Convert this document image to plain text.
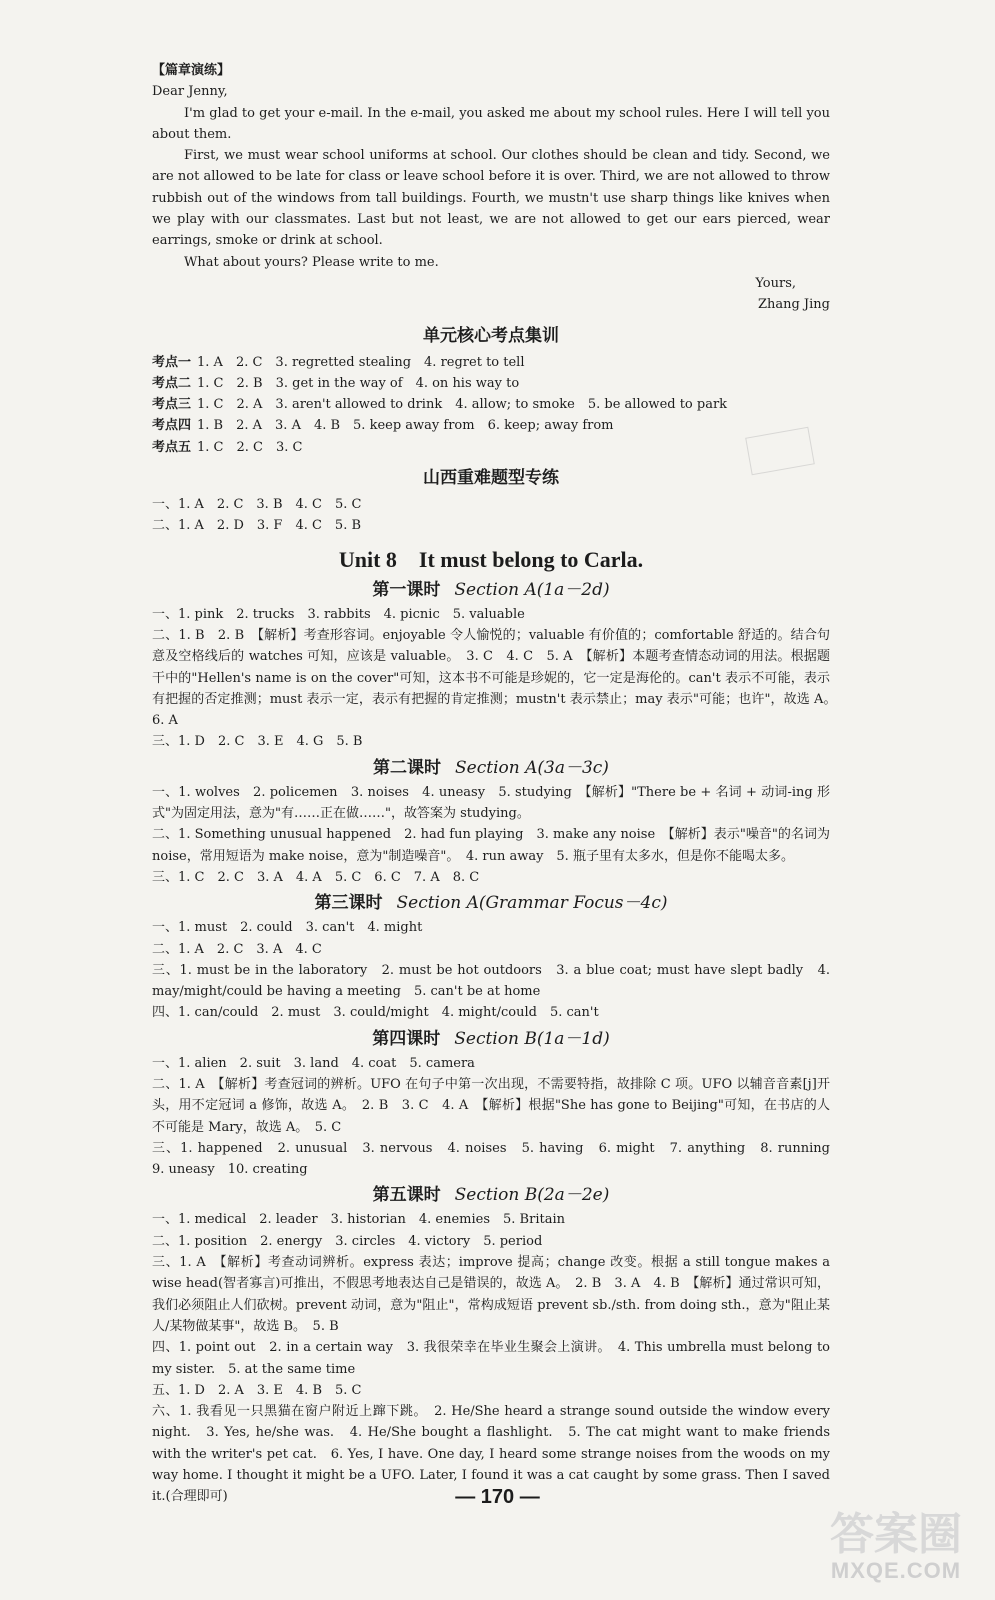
【篇章演练】

Dear Jenny,

I'm glad to get your e-mail. In the e-mail, you asked me about my school rules. Here I will tell you about them.

First, we must wear school uniforms at school. Our clothes should be clean and tidy. Second, we are not allowed to be late for class or leave school before it is over. Third, we are not allowed to throw rubbish out of the windows from tall buildings. Fourth, we mustn't use sharp things like knives when we play with our classmates. Last but not least, we are not allowed to get our ears pierced, wear earrings, smoke or drink at school.

What about yours? Please write to me.

Yours,

Zhang Jing

单元核心考点集训

考点一 1. A　2. C　3. regretted stealing　4. regret to tell

考点二 1. C　2. B　3. get in the way of　4. on his way to

考点三 1. C　2. A　3. aren't allowed to drink　4. allow; to smoke　5. be allowed to park

考点四 1. B　2. A　3. A　4. B　5. keep away from　6. keep; away from

考点五 1. C　2. C　3. C

山西重难题型专练

一、1. A　2. C　3. B　4. C　5. C

二、1. A　2. D　3. F　4. C　5. B

Unit 8　It must belong to Carla.
第一课时 Section A(1a－2d)

一、1. pink　2. trucks　3. rabbits　4. picnic　5. valuable

二、1. B　2. B　【解析】考查形容词。enjoyable 令人愉悦的；valuable 有价值的；comfortable 舒适的。结合句意及空格线后的 watches 可知，应该是 valuable。　3. C　4. C　5. A　【解析】本题考查情态动词的用法。根据题干中的"Hellen's name is on the cover"可知，这本书不可能是珍妮的，它一定是海伦的。can't 表示不可能，表示有把握的否定推测；must 表示一定，表示有把握的肯定推测；mustn't 表示禁止；may 表示"可能；也许"，故选 A。　6. A

三、1. D　2. C　3. E　4. G　5. B

第二课时 Section A(3a－3c)

一、1. wolves　2. policemen　3. noises　4. uneasy　5. studying　【解析】"There be + 名词 + 动词-ing 形式"为固定用法，意为"有……正在做……"，故答案为 studying。

二、1. Something unusual happened　2. had fun playing　3. make any noise　【解析】表示"噪音"的名词为 noise，常用短语为 make noise，意为"制造噪音"。　4. run away　5. 瓶子里有太多水，但是你不能喝太多。

三、1. C　2. C　3. A　4. A　5. C　6. C　7. A　8. C

第三课时 Section A(Grammar Focus－4c)

一、1. must　2. could　3. can't　4. might

二、1. A　2. C　3. A　4. C

三、1. must be in the laboratory　2. must be hot outdoors　3. a blue coat; must have slept badly　4. may/might/could be having a meeting　5. can't be at home

四、1. can/could　2. must　3. could/might　4. might/could　5. can't

第四课时 Section B(1a－1d)

一、1. alien　2. suit　3. land　4. coat　5. camera

二、1. A　【解析】考查冠词的辨析。UFO 在句子中第一次出现，不需要特指，故排除 C 项。UFO 以辅音音素[j]开头，用不定冠词 a 修饰，故选 A。　2. B　3. C　4. A　【解析】根据"She has gone to Beijing"可知，在书店的人不可能是 Mary，故选 A。　5. C

三、1. happened　2. unusual　3. nervous　4. noises　5. having　6. might　7. anything　8. running　9. uneasy　10. creating

第五课时 Section B(2a－2e)

一、1. medical　2. leader　3. historian　4. enemies　5. Britain

二、1. position　2. energy　3. circles　4. victory　5. period

三、1. A　【解析】考查动词辨析。express 表达；improve 提高；change 改变。根据 a still tongue makes a wise head(智者寡言)可推出，不假思考地表达自己是错误的，故选 A。　2. B　3. A　4. B　【解析】通过常识可知，我们必须阻止人们砍树。prevent 动词，意为"阻止"，常构成短语 prevent sb./sth. from doing sth.，意为"阻止某人/某物做某事"，故选 B。　5. B

四、1. point out　2. in a certain way　3. 我很荣幸在毕业生聚会上演讲。　4. This umbrella must belong to my sister.　5. at the same time

五、1. D　2. A　3. E　4. B　5. C

六、1. 我看见一只黑猫在窗户附近上蹿下跳。　2. He/She heard a strange sound outside the window every night.　3. Yes, he/she was.　4. He/She bought a flashlight.　5. The cat might want to make friends with the writer's pet cat.　6. Yes, I have. One day, I heard some strange noises from the woods on my way home. I thought it might be a UFO. Later, I found it was a cat caught by some grass. Then I saved it.(合理即可)	— 170 —
答案圈
MXQE.COM
